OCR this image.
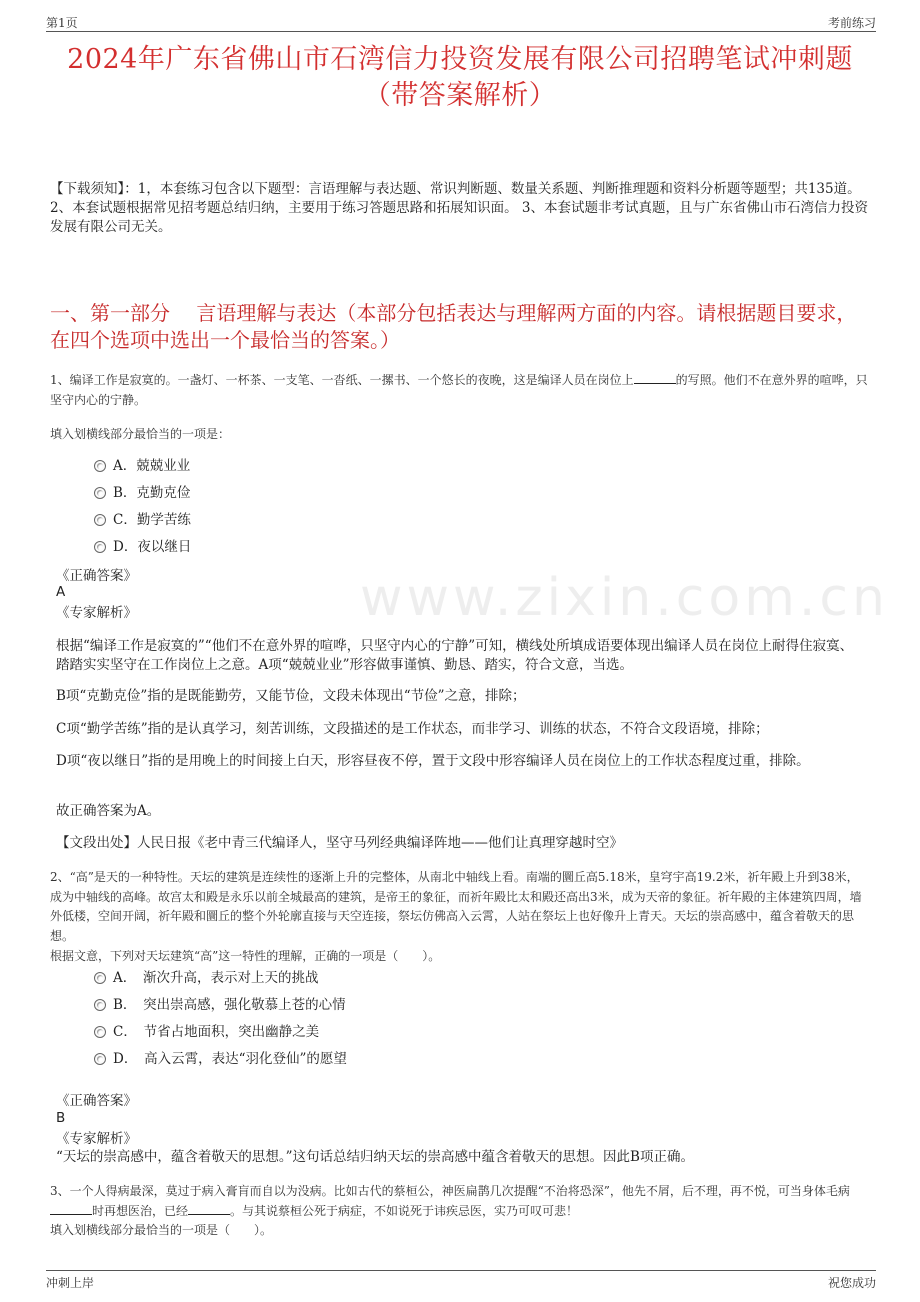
第1页	考前练习
2024年广东省佛山市石湾信力投资发展有限公司招聘笔试冲刺题（带答案解析）
【下载须知】：1，本套练习包含以下题型：言语理解与表达题、常识判断题、数量关系题、判断推理题和资料分析题等题型；共135道。 2、本套试题根据常见招考题总结归纳，主要用于练习答题思路和拓展知识面。 3、本套试题非考试真题，且与广东省佛山市石湾信力投资发展有限公司无关。
一、第一部分　 言语理解与表达（本部分包括表达与理解两方面的内容。请根据题目要求，在四个选项中选出一个最恰当的答案。）
www.zixin.com.cn
1、编译工作是寂寞的。一盏灯、一杯茶、一支笔、一沓纸、一摞书、一个悠长的夜晚，这是编译人员在岗位上	的写照。他们不在意外界的喧哗，只坚守内心的宁静。
填入划横线部分最恰当的一项是：
A．兢兢业业
B．克勤克俭
C．勤学苦练
D．夜以继日
《正确答案》
A
《专家解析》
根据“编译工作是寂寞的”“他们不在意外界的喧哗，只坚守内心的宁静”可知，横线处所填成语要体现出编译人员在岗位上耐得住寂寞、踏踏实实坚守在工作岗位上之意。A项“兢兢业业”形容做事谨慎、勤恳、踏实，符合文意，当选。
B项“克勤克俭”指的是既能勤劳，又能节俭，文段未体现出“节俭”之意，排除；
C项“勤学苦练”指的是认真学习，刻苦训练，文段描述的是工作状态，而非学习、训练的状态，不符合文段语境，排除；
D项“夜以继日”指的是用晚上的时间接上白天，形容昼夜不停，置于文段中形容编译人员在岗位上的工作状态程度过重，排除。
故正确答案为A。
【文段出处】人民日报《老中青三代编译人，坚守马列经典编译阵地——他们让真理穿越时空》
2、“高”是天的一种特性。天坛的建筑是连续性的逐渐上升的完整体，从南北中轴线上看。南端的圜丘高5.18米，皇穹宇高19.2米，祈年殿上升到38米，成为中轴线的高峰。故宫太和殿是永乐以前全城最高的建筑，是帝王的象征，而祈年殿比太和殿还高出3米，成为天帝的象征。祈年殿的主体建筑四周，墙外低楼，空间开阔，祈年殿和圜丘的整个外轮廓直接与天空连接，祭坛仿佛高入云霄，人站在祭坛上也好像升上青天。天坛的崇高感中，蕴含着敬天的思想。
根据文意，下列对天坛建筑“高”这一特性的理解，正确的一项是（　　）。
A．　渐次升高，表示对上天的挑战
B．　突出崇高感，强化敬慕上苍的心情
C．　节省占地面积，突出幽静之美
D．　高入云霄，表达“羽化登仙”的愿望
《正确答案》
B
《专家解析》
“天坛的崇高感中，蕴含着敬天的思想。”这句话总结归纳天坛的崇高感中蕴含着敬天的思想。因此B项正确。
3、一个人得病最深，莫过于病入膏肓而自以为没病。比如古代的蔡桓公，神医扁鹊几次提醒“不治将恐深”，他先不屑，后不理，再不悦，可当身体毛病时再想医治，已经	。与其说蔡桓公死于病症，不如说死于讳疾忌医，实乃可叹可悲！
填入划横线部分最恰当的一项是（　　）。
冲刺上岸	祝您成功
